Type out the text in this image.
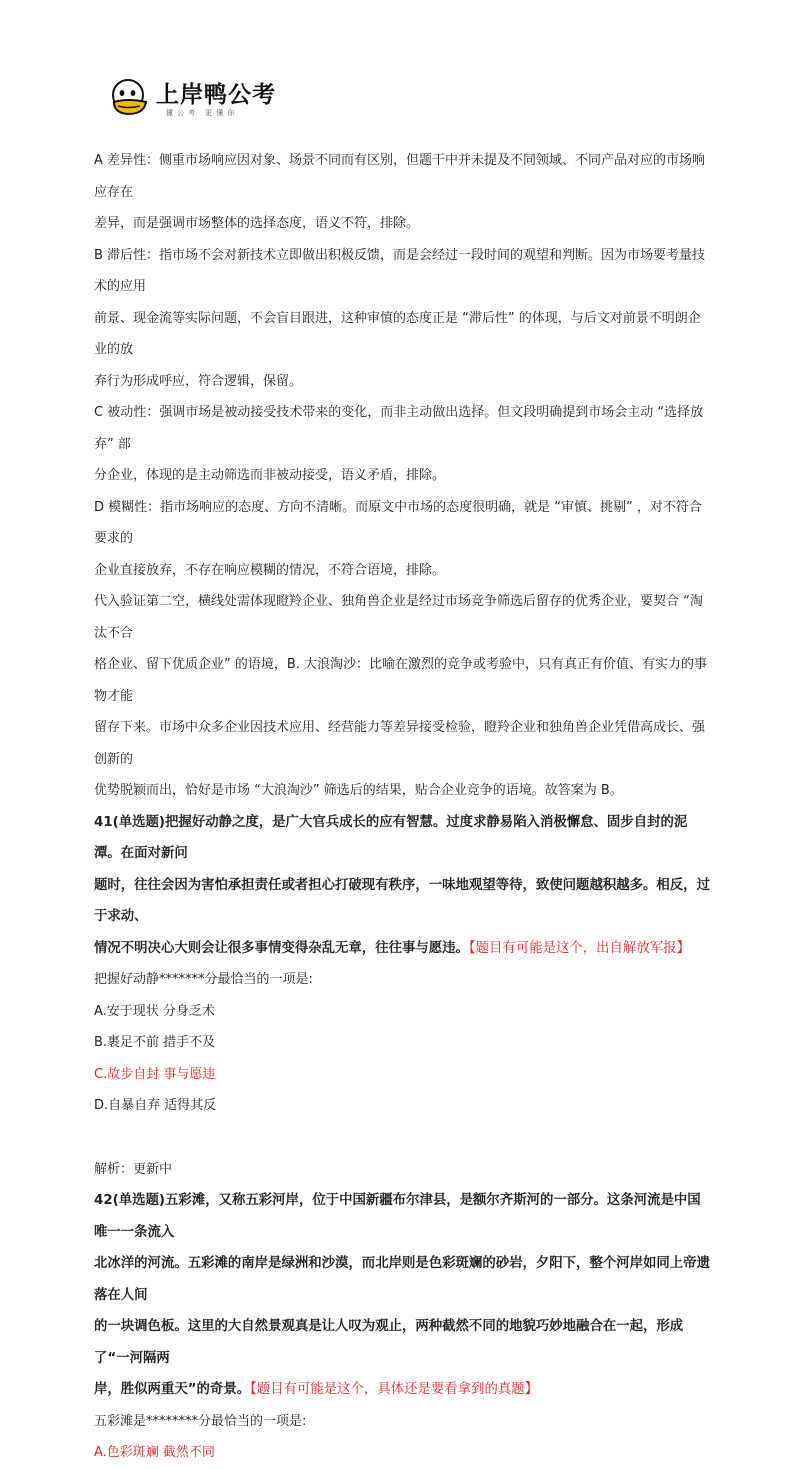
上岸鸭公考
懂公考 更懂你

A 差异性：侧重市场响应因对象、场景不同而有区别，但题干中并未提及不同领域、不同产品对应的市场响应存在

差异，而是强调市场整体的选择态度，语义不符，排除。

B 滞后性：指市场不会对新技术立即做出积极反馈，而是会经过一段时间的观望和判断。因为市场要考量技术的应用

前景、现金流等实际问题，不会盲目跟进，这种审慎的态度正是 “滞后性” 的体现，与后文对前景不明朗企业的放

弃行为形成呼应，符合逻辑，保留。

C 被动性：强调市场是被动接受技术带来的变化，而非主动做出选择。但文段明确提到市场会主动 “选择放弃” 部

分企业，体现的是主动筛选而非被动接受，语义矛盾，排除。

D 模糊性：指市场响应的态度、方向不清晰。而原文中市场的态度很明确，就是 “审慎、挑剔” ，对不符合要求的

企业直接放弃，不存在响应模糊的情况，不符合语境，排除。

代入验证第二空，横线处需体现瞪羚企业、独角兽企业是经过市场竞争筛选后留存的优秀企业，要契合 “淘汰不合

格企业、留下优质企业” 的语境，B. 大浪淘沙：比喻在激烈的竞争或考验中，只有真正有价值、有实力的事物才能

留存下来。市场中众多企业因技术应用、经营能力等差异接受检验，瞪羚企业和独角兽企业凭借高成长、强创新的

优势脱颖而出，恰好是市场 “大浪淘沙” 筛选后的结果，贴合企业竞争的语境。故答案为 B。

41(单选题)把握好动静之度，是广大官兵成长的应有智慧。过度求静易陷入消极懈怠、固步自封的泥潭。在面对新问

题时，往往会因为害怕承担责任或者担心打破现有秩序，一味地观望等待，致使问题越积越多。相反，过于求动、

情况不明决心大则会让很多事情变得杂乱无章，往往事与愿违。【题目有可能是这个，出自解放军报】

把握好动静*******分最恰当的一项是:

A.安于现状 分身乏术

B.裹足不前 措手不及

C.故步自封 事与愿违

D.自暴自弃 适得其反

解析：更新中

42(单选题)五彩滩，又称五彩河岸，位于中国新疆布尔津县，是额尔齐斯河的一部分。这条河流是中国唯一一条流入

北冰洋的河流。五彩滩的南岸是绿洲和沙漠，而北岸则是色彩斑斓的砂岩，夕阳下，整个河岸如同上帝遗落在人间

的一块调色板。这里的大自然景观真是让人叹为观止，两种截然不同的地貌巧妙地融合在一起，形成了“一河隔两

岸，胜似两重天”的奇景。【题目有可能是这个，具体还是要看拿到的真题】

五彩滩是********分最恰当的一项是:

A.色彩斑斓 截然不同
